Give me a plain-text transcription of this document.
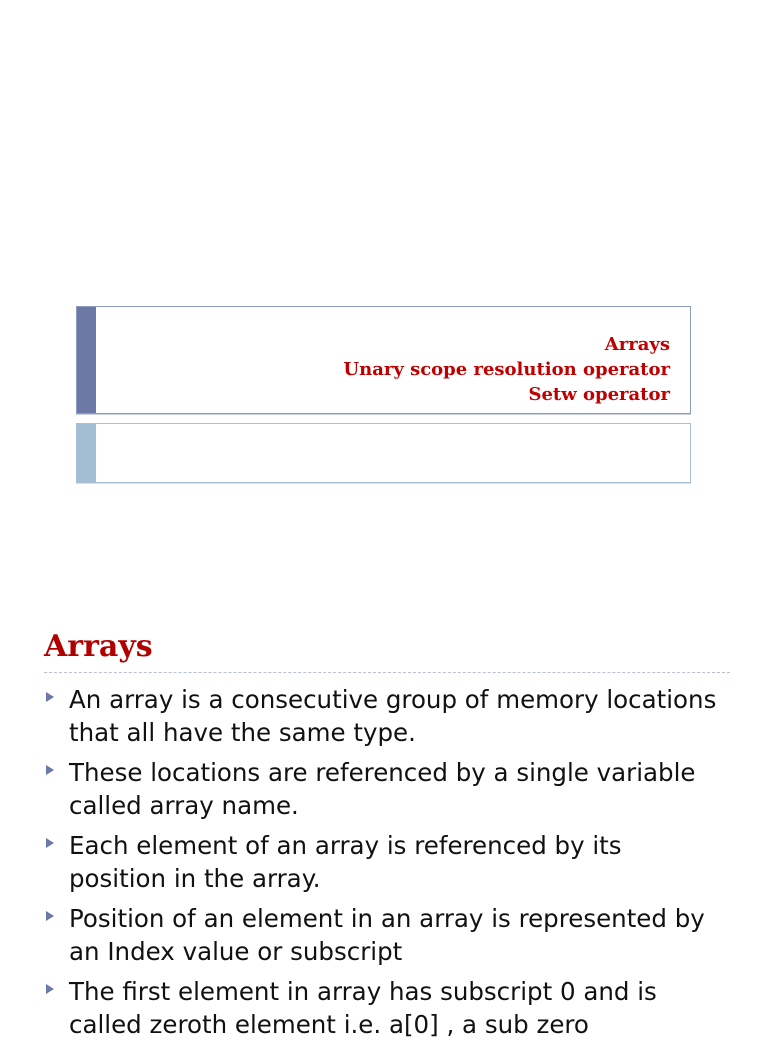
Arrays
Unary scope resolution operator
Setw operator
Arrays
An array is a consecutive group of memory locations that all have the same type.
These locations are referenced by a single variable called array name.
Each element of an array is referenced by its position in the array.
Position of an element in an array is represented by an Index value or subscript
The first element in array has subscript 0 and is called zeroth element i.e. a[0] , a sub zero
